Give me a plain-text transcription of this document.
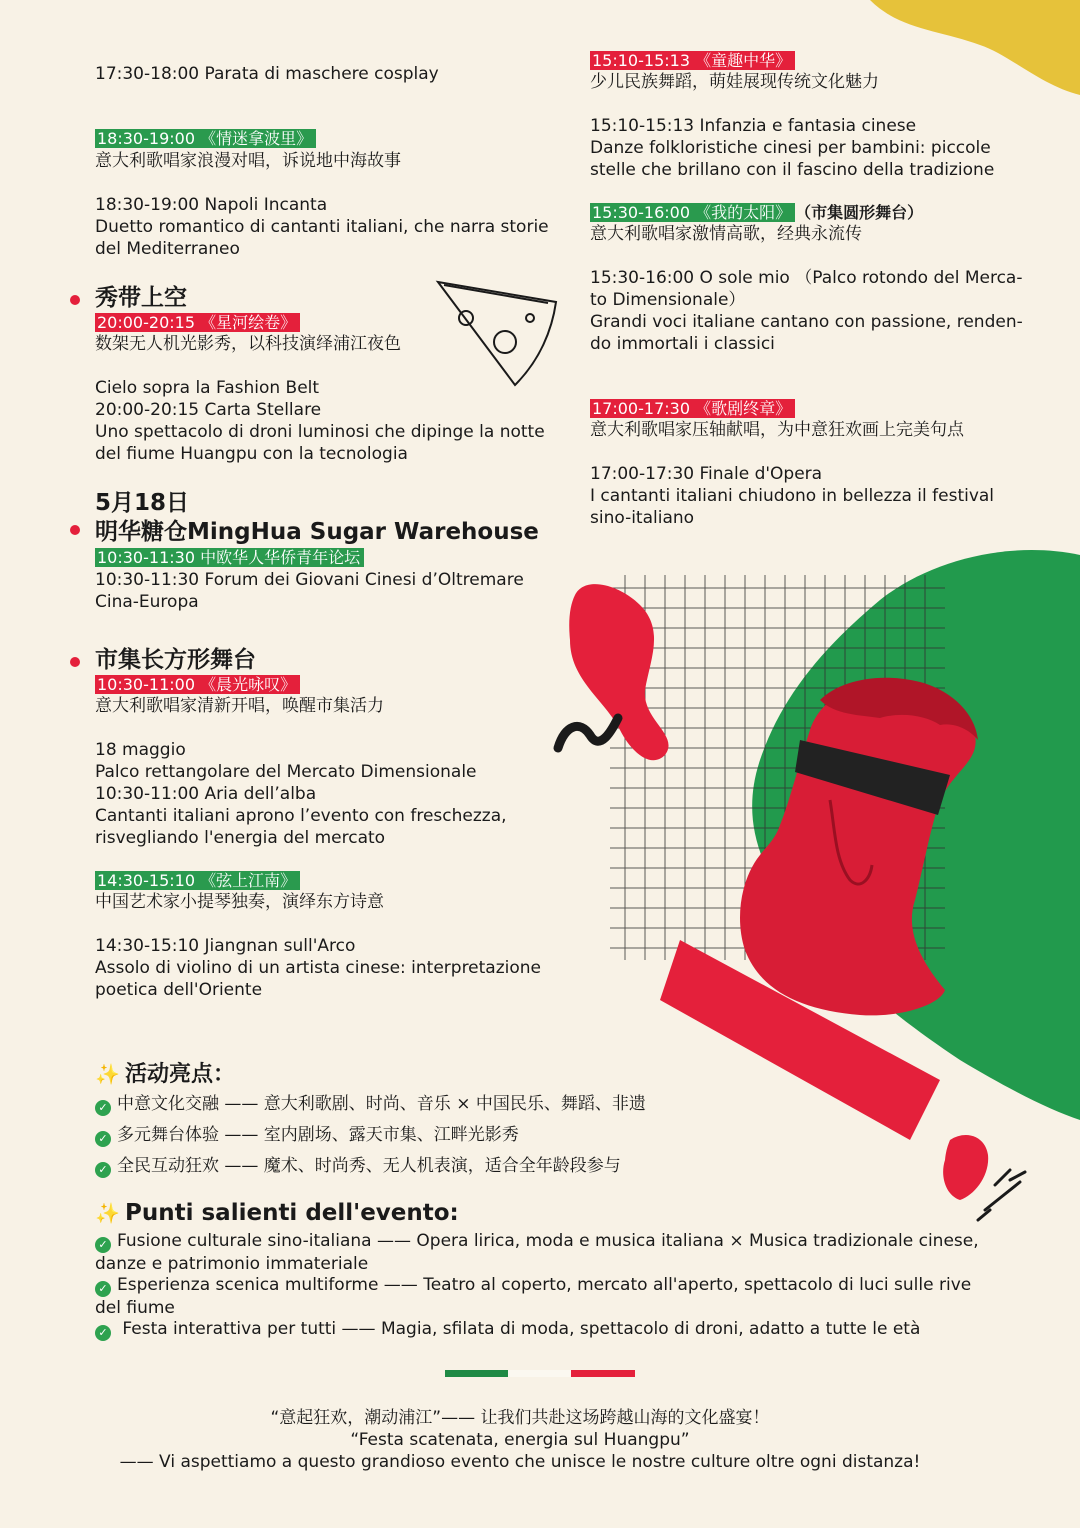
17:30-18:00 Parata di maschere cosplay
18:30-19:00 《情迷拿波里》
意大利歌唱家浪漫对唱，诉说地中海故事
18:30-19:00 Napoli Incanta
Duetto romantico di cantanti italiani, che narra storie
del Mediterraneo
秀带上空
20:00-20:15 《星河绘卷》
数架无人机光影秀，以科技演绎浦江夜色
Cielo sopra la Fashion Belt
20:00-20:15 Carta Stellare
Uno spettacolo di droni luminosi che dipinge la notte
del fiume Huangpu con la tecnologia
5月18日
明华糖仓MingHua Sugar Warehouse
10:30-11:30 中欧华人华侨青年论坛
10:30-11:30 Forum dei Giovani Cinesi d’Oltremare
Cina-Europa
市集长方形舞台
10:30-11:00 《晨光咏叹》
意大利歌唱家清新开唱，唤醒市集活力
18 maggio
Palco rettangolare del Mercato Dimensionale
10:30-11:00 Aria dell’alba
Cantanti italiani aprono l’evento con freschezza,
risvegliando l'energia del mercato
14:30-15:10 《弦上江南》
中国艺术家小提琴独奏，演绎东方诗意
14:30-15:10 Jiangnan sull'Arco
Assolo di violino di un artista cinese: interpretazione
poetica dell'Oriente
15:10-15:13 《童趣中华》
少儿民族舞蹈，萌娃展现传统文化魅力
15:10-15:13 Infanzia e fantasia cinese
Danze folkloristiche cinesi per bambini: piccole
stelle che brillano con il fascino della tradizione
15:30-16:00 《我的太阳》 （市集圆形舞台）
意大利歌唱家激情高歌，经典永流传
15:30-16:00 O sole mio （Palco rotondo del Merca-
to Dimensionale）
Grandi voci italiane cantano con passione, renden-
do immortali i classici
17:00-17:30 《歌剧终章》
意大利歌唱家压轴献唱，为中意狂欢画上完美句点
17:00-17:30 Finale d'Opera
I cantanti italiani chiudono in bellezza il festival
sino-italiano
✨ 活动亮点：
✓ 中意文化交融 —— 意大利歌剧、时尚、音乐 × 中国民乐、舞蹈、非遗
✓ 多元舞台体验 —— 室内剧场、露天市集、江畔光影秀
✓ 全民互动狂欢 —— 魔术、时尚秀、无人机表演，适合全年龄段参与
✨ Punti salienti dell'evento:
✓ Fusione culturale sino-italiana —— Opera lirica, moda e musica italiana × Musica tradizionale cinese,
danze e patrimonio immateriale
✓ Esperienza scenica multiforme —— Teatro al coperto, mercato all'aperto, spettacolo di luci sulle rive
del fiume
✓ Festa interattiva per tutti —— Magia, sfilata di moda, spettacolo di droni, adatto a tutte le età
“意起狂欢，潮动浦江”—— 让我们共赴这场跨越山海的文化盛宴！
“Festa scatenata, energia sul Huangpu”
—— Vi aspettiamo a questo grandioso evento che unisce le nostre culture oltre ogni distanza!
